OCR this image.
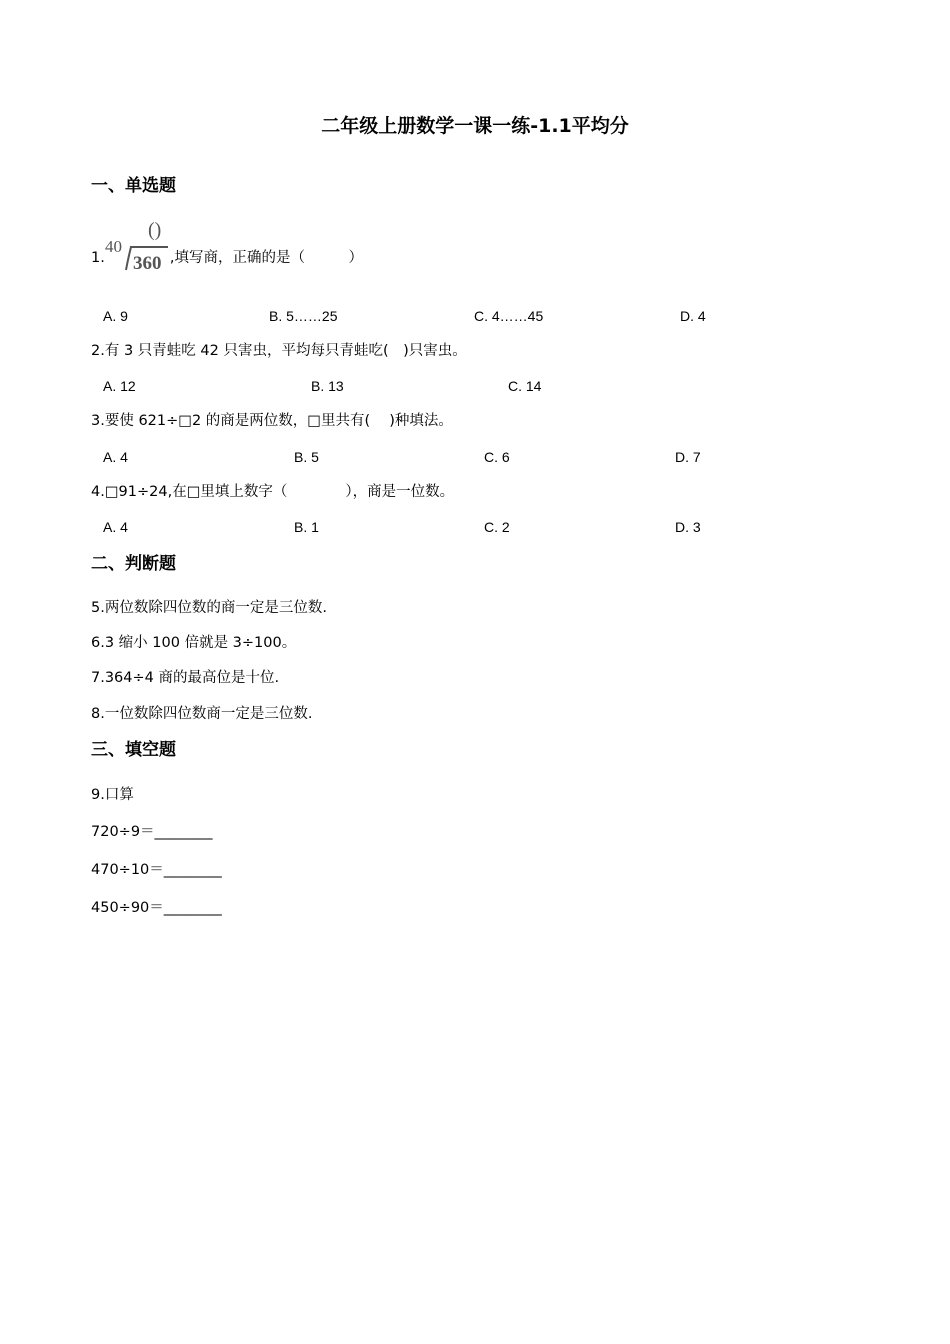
二年级上册数学一课一练-1.1平均分
一、单选题
1.
()
40
360 ,填写商，正确的是（　　　）
A. 9	B. 5……25	C. 4……45	D. 4
2.有 3 只青蛙吃 42 只害虫，平均每只青蛙吃(　)只害虫。
A. 12	B. 13	C. 14
3.要使 621÷□2 的商是两位数，□里共有(　 )种填法。
A. 4	B. 5	C. 6	D. 7
4.□91÷24,在□里填上数字（　　　　），商是一位数。
A. 4	B. 1	C. 2	D. 3
二、判断题
5.两位数除四位数的商一定是三位数.
6.3 缩小 100 倍就是 3÷100。
7.364÷4 商的最高位是十位.
8.一位数除四位数商一定是三位数.
三、填空题
9.口算
720÷9＝________
470÷10＝________
450÷90＝________
